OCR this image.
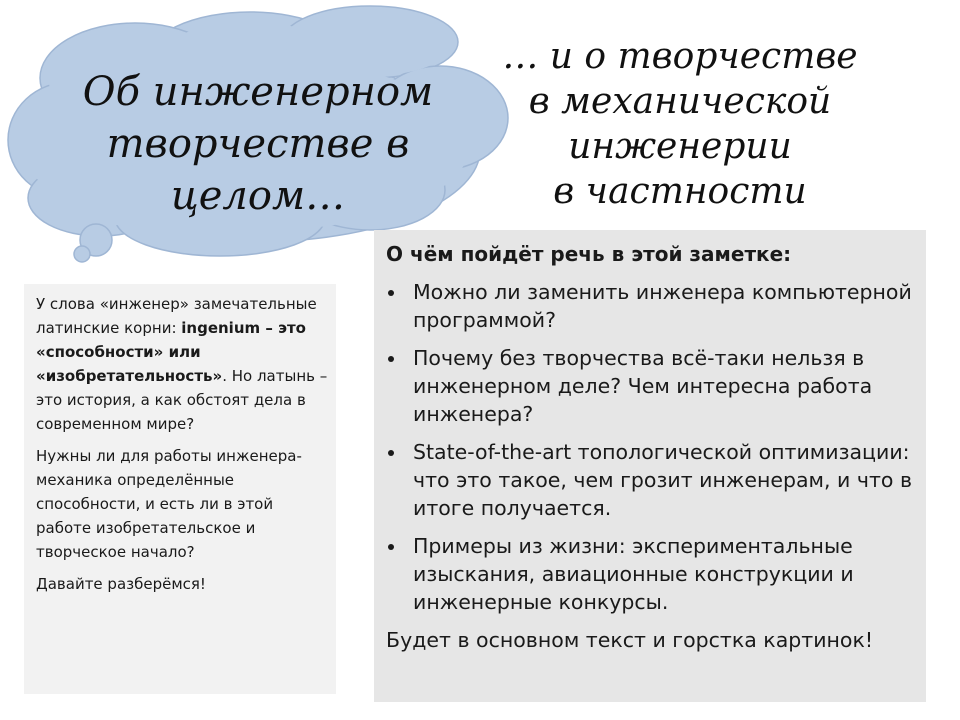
Об инженерном
творчестве в
целом…
… и о творчестве
в механической
инженерии
в частности

У слова «инженер» замечательные латинские корни: ingenium – это «способности» или «изобретательность». Но латынь – это история, а как обстоят дела в современном мире?

Нужны ли для работы инженера-механика определённые способности, и есть ли в этой работе изобретательское и творческое начало?

Давайте разберёмся!

О чём пойдёт речь в этой заметке:

Можно ли заменить инженера компьютерной программой?
Почему без творчества всё-таки нельзя в инженерном деле? Чем интересна работа инженера?
State-of-the-art топологической оптимизации: что это такое, чем грозит инженерам, и что в итоге получается.
Примеры из жизни: экспериментальные изыскания, авиационные конструкции и инженерные конкурсы.

Будет в основном текст и горстка картинок!
